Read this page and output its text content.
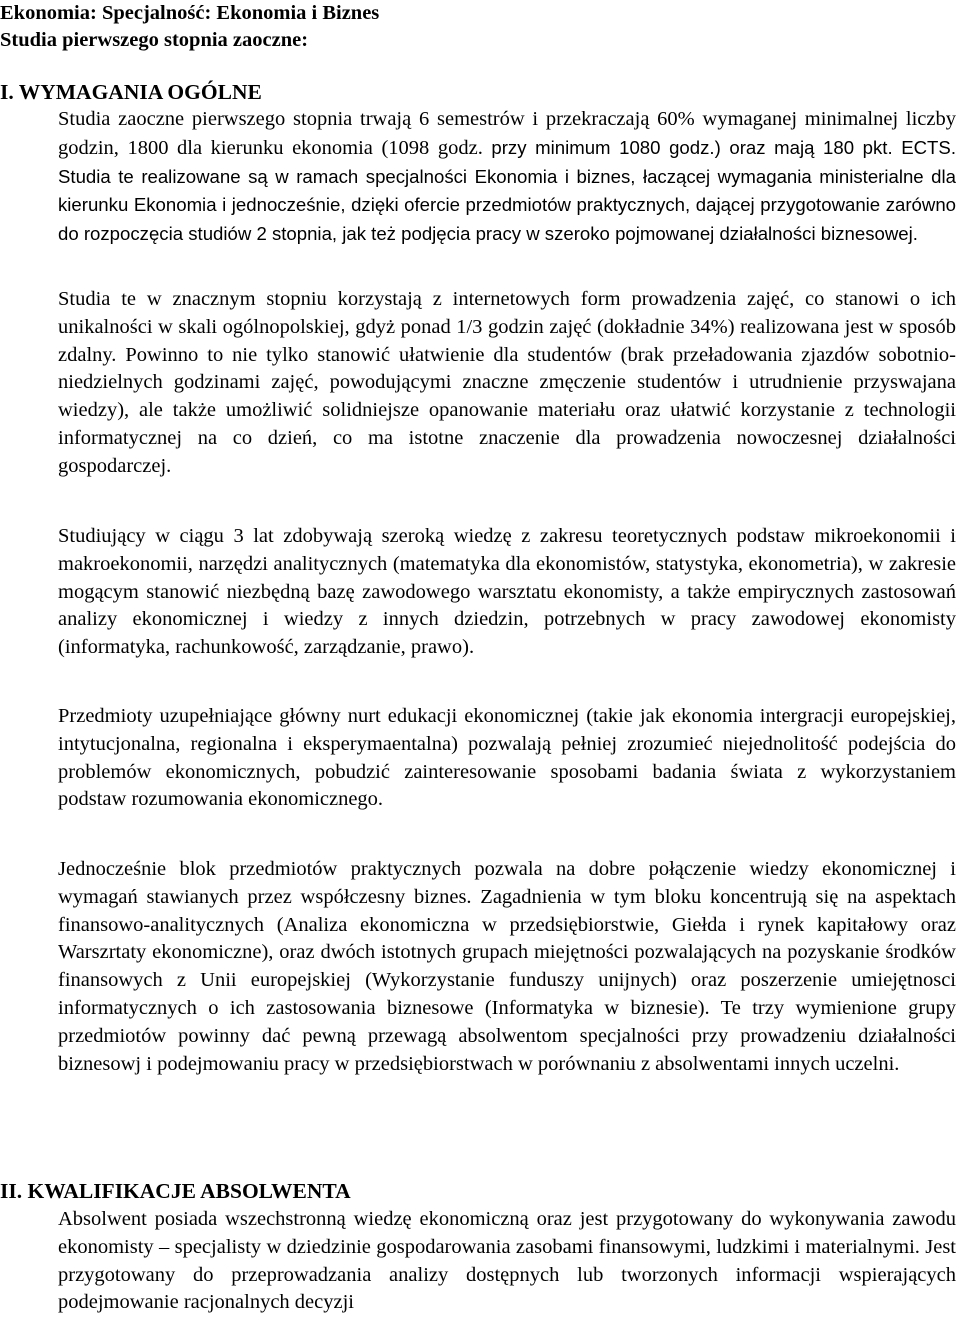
Ekonomia: Specjalność: Ekonomia i Biznes
Studia pierwszego stopnia zaoczne:
I. WYMAGANIA OGÓLNE

Studia zaoczne pierwszego stopnia trwają 6 semestrów i przekraczają 60% wymaganej minimalnej liczby godzin, 1800 dla kierunku ekonomia (1098 godz. przy minimum 1080 godz.) oraz mają 180 pkt. ECTS. Studia te realizowane są w ramach specjalności Ekonomia i biznes, łaczącej wymagania ministerialne dla kierunku Ekonomia i jednocześnie, dzięki ofercie przedmiotów praktycznych, dającej przygotowanie zarówno do rozpoczęcia studiów 2 stopnia, jak też podjęcia pracy w szeroko pojmowanej działalności biznesowej.

Studia te w znacznym stopniu korzystają z internetowych form prowadzenia zajęć, co stanowi o ich unikalności w skali ogólnopolskiej, gdyż ponad 1/3 godzin zajęć (dokładnie 34%) realizowana jest w sposób zdalny. Powinno to nie tylko stanowić ułatwienie dla studentów (brak przeładowania zjazdów sobotnio-niedzielnych godzinami zajęć, powodującymi znaczne zmęczenie studentów i utrudnienie przyswajana wiedzy), ale także umożliwić solidniejsze opanowanie materiału oraz ułatwić korzystanie z technologii informatycznej na co dzień, co ma istotne znaczenie dla prowadzenia nowoczesnej działalności gospodarczej.

Studiujący w ciągu 3 lat zdobywają szeroką wiedzę z zakresu teoretycznych podstaw mikroekonomii i makroekonomii, narzędzi analitycznych (matematyka dla ekonomistów, statystyka, ekonometria), w zakresie mogącym stanowić niezbędną bazę zawodowego warsztatu ekonomisty, a także empirycznych zastosowań analizy ekonomicznej i wiedzy z innych dziedzin, potrzebnych w pracy zawodowej ekonomisty (informatyka, rachunkowość, zarządzanie, prawo).

Przedmioty uzupełniające główny nurt edukacji ekonomicznej (takie jak ekonomia intergracji europejskiej, intytucjonalna, regionalna i eksperymaentalna) pozwalają pełniej zrozumieć niejednolitość podejścia do problemów ekonomicznych, pobudzić zainteresowanie sposobami badania świata z wykorzystaniem podstaw rozumowania ekonomicznego.

Jednocześnie blok przedmiotów praktycznych pozwala na dobre połączenie wiedzy ekonomicznej i wymagań stawianych przez współczesny biznes. Zagadnienia w tym bloku koncentrują się na aspektach finansowo-analitycznych (Analiza ekonomiczna w przedsiębiorstwie, Giełda i rynek kapitałowy oraz Warszrtaty ekonomiczne), oraz dwóch istotnych grupach miejętności pozwalających na pozyskanie środków finansowych z Unii europejskiej (Wykorzystanie funduszy unijnych) oraz poszerzenie umiejętnosci informatycznych o ich zastosowania biznesowe (Informatyka w biznesie). Te trzy wymienione grupy przedmiotów powinny dać pewną przewagą absolwentom specjalności przy prowadzeniu działalności biznesowj i podejmowaniu pracy w przedsiębiorstwach w porównaniu z absolwentami innych uczelni.

II. KWALIFIKACJE ABSOLWENTA

Absolwent posiada wszechstronną wiedzę ekonomiczną oraz jest przygotowany do wykonywania zawodu ekonomisty – specjalisty w dziedzinie gospodarowania zasobami finansowymi, ludzkimi i materialnymi. Jest przygotowany do przeprowadzania analizy dostępnych lub tworzonych informacji wspierających podejmowanie racjonalnych decyzji
